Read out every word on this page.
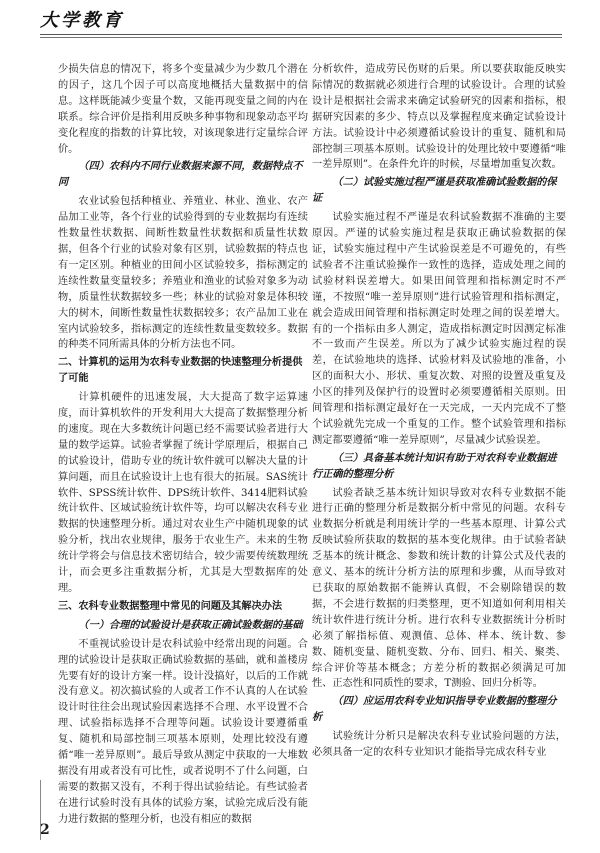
大学教育

少损失信息的情况下，将多个变量减少为少数几个潜在的因子，这几个因子可以高度地概括大量数据中的信息。这样既能减少变量个数，又能再现变量之间的内在联系。综合评价是指利用反映多种事物和现象动态平均变化程度的指数的计算比较，对该现象进行定量综合评价。

（四）农科内不同行业数据来源不同，数据特点不同

农业试验包括种植业、养殖业、林业、渔业、农产品加工业等，各个行业的试验得到的专业数据均有连续性数量性状数据、间断性数量性状数据和质量性状数据，但各个行业的试验对象有区别，试验数据的特点也有一定区别。种植业的田间小区试验较多，指标测定的连续性数量变量较多；养殖业和渔业的试验对象多为动物，质量性状数据较多一些；林业的试验对象是体积较大的树木，间断性数量性状数据较多；农产品加工业在室内试验较多，指标测定的连续性数量变数较多。数据的种类不同所需具体的分析方法也不同。

二、计算机的运用为农科专业数据的快速整理分析提供了可能

计算机硬件的迅速发展，大大提高了数字运算速度，而计算机软件的开发利用大大提高了数据整理分析的速度。现在大多数统计问题已经不需要试验者进行大量的数学运算。试验者掌握了统计学原理后，根据自己的试验设计，借助专业的统计软件就可以解决大量的计算问题，而且在试验设计上也有很大的拓展。SAS统计软件、SPSS统计软件、DPS统计软件、3414肥料试验统计软件、区域试验统计软件等，均可以解决农科专业数据的快速整理分析。通过对农业生产中随机现象的试验分析，找出农业规律，服务于农业生产。未来的生物统计学将会与信息技术密切结合，较少需要传统数理统计，而会更多注重数据分析，尤其是大型数据库的处理。

三、农科专业数据整理中常见的问题及其解决办法

（一）合理的试验设计是获取正确试验数据的基础

不重视试验设计是农科试验中经常出现的问题。合理的试验设计是获取正确试验数据的基础，就和盖楼房先要有好的设计方案一样。设计没搞好，以后的工作就没有意义。初次搞试验的人或者工作不认真的人在试验设计时往往会出现试验因素选择不合理、水平设置不合理、试验指标选择不合理等问题。试验设计要遵循重复、随机和局部控制三项基本原则，处理比较没有遵循“唯一差异原则”。最后导致从测定中获取的一大堆数据没有用或者没有可比性，或者说明不了什么问题，白需要的数据又没有，不利于得出试验结论。有些试验者在进行试验时没有具体的试验方案，试验完成后没有能力进行数据的整理分析，也没有相应的数据

分析软件，造成劳民伤财的后果。所以要获取能反映实际情况的数据就必须进行合理的试验设计。合理的试验设计是根据社会需求来确定试验研究的因素和指标，根据研究因素的多少、特点以及掌握程度来确定试验设计方法。试验设计中必须遵循试验设计的重复、随机和局部控制三项基本原则。试验设计的处理比较中要遵循“唯一差异原则”。在条件允许的时候，尽量增加重复次数。

（二）试验实施过程严谨是获取准确试验数据的保证

试验实施过程不严谨是农科试验数据不准确的主要原因。严谨的试验实施过程是获取正确试验数据的保证，试验实施过程中产生试验误差是不可避免的，有些试验者不注重试验操作一致性的选择，造成处理之间的试验材料误差增大。如果田间管理和指标测定时不严谨，不按照“唯一差异原则”进行试验管理和指标测定，就会造成田间管理和指标测定时处理之间的误差增大。有的一个指标由多人测定，造成指标测定时因测定标准不一致而产生误差。所以为了减少试验实施过程的误差，在试验地块的选择、试验材料及试验地的准备，小区的面积大小、形状、重复次数、对照的设置及重复及小区的排列及保护行的设置时必须要遵循相关原则。田间管理和指标测定最好在一天完成，一天内完成不了整个试验就先完成一个重复的工作。整个试验管理和指标测定都要遵循“唯一差异原则”，尽量减少试验误差。

（三）具备基本统计知识有助于对农科专业数据进行正确的整理分析

试验者缺乏基本统计知识导致对农科专业数据不能进行正确的整理分析是数据分析中常见的问题。农科专业数据分析就是利用统计学的一些基本原理、计算公式反映试验所获取的数据的基本变化规律。由于试验者缺乏基本的统计概念、参数和统计数的计算公式及代表的意义、基本的统计分析方法的原理和步骤，从而导致对已获取的原始数据不能辨认真假，不会剔除错误的数据，不会进行数据的归类整理，更不知道如何利用相关统计软件进行统计分析。进行农科专业数据统计分析时必须了解指标值、观测值、总体、样本、统计数、参数、随机变量、随机变数、分布、回归、相关、聚类、综合评价等基本概念；方差分析的数据必须满足可加性、正态性和同质性的要求，T测验、回归分析等。

（四）应运用农科专业知识指导专业数据的整理分析

试验统计分析只是解决农科专业试验问题的方法，必须具备一定的农科专业知识才能指导完成农科专业

2
